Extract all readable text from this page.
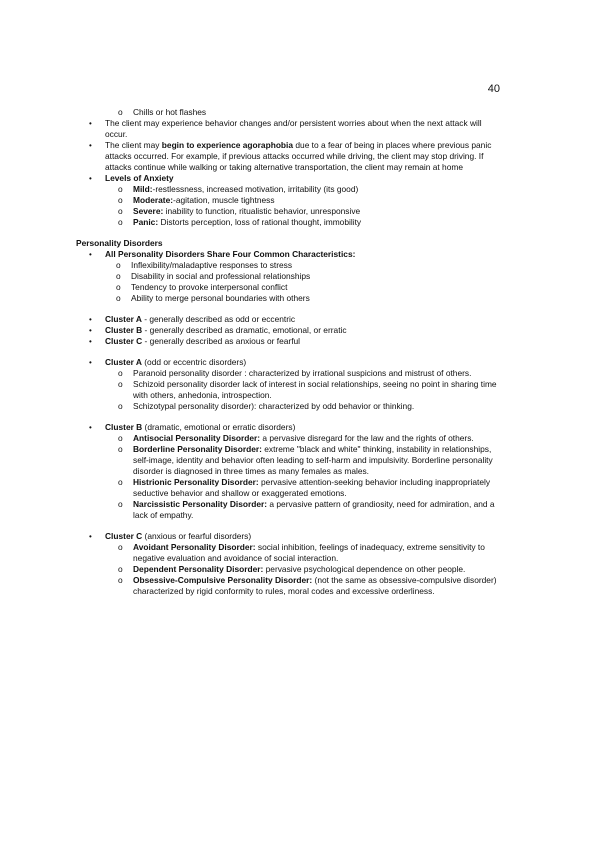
40

o Chills or hot flashes

• The client may experience behavior changes and/or persistent worries about when the next attack will occur.

• The client may begin to experience agoraphobia due to a fear of being in places where previous panic attacks occurred. For example, if previous attacks occurred while driving, the client may stop driving. If attacks continue while walking or taking alternative transportation, the client may remain at home

• Levels of Anxiety

o Mild:-restlessness, increased motivation, irritability (its good)

o Moderate:-agitation, muscle tightness

o Severe: inability to function, ritualistic behavior, unresponsive

o Panic: Distorts perception, loss of rational thought, immobility

Personality Disorders

• All Personality Disorders Share Four Common Characteristics:

o Inflexibility/maladaptive responses to stress

o Disability in social and professional relationships

o Tendency to provoke interpersonal conflict

o Ability to merge personal boundaries with others

• Cluster A - generally described as odd or eccentric

• Cluster B - generally described as dramatic, emotional, or erratic

• Cluster C - generally described as anxious or fearful

• Cluster A (odd or eccentric disorders)

o Paranoid personality disorder : characterized by irrational suspicions and mistrust of others.

o Schizoid personality disorder lack of interest in social relationships, seeing no point in sharing time with others, anhedonia, introspection.

o Schizotypal personality disorder): characterized by odd behavior or thinking.

• Cluster B (dramatic, emotional or erratic disorders)

o Antisocial Personality Disorder: a pervasive disregard for the law and the rights of others.

o Borderline Personality Disorder: extreme "black and white" thinking, instability in relationships, self-image, identity and behavior often leading to self-harm and impulsivity. Borderline personality disorder is diagnosed in three times as many females as males.

o Histrionic Personality Disorder: pervasive attention-seeking behavior including inappropriately seductive behavior and shallow or exaggerated emotions.

o Narcissistic Personality Disorder: a pervasive pattern of grandiosity, need for admiration, and a lack of empathy.

• Cluster C (anxious or fearful disorders)

o Avoidant Personality Disorder: social inhibition, feelings of inadequacy, extreme sensitivity to negative evaluation and avoidance of social interaction.

o Dependent Personality Disorder: pervasive psychological dependence on other people.

o Obsessive-Compulsive Personality Disorder: (not the same as obsessive-compulsive disorder) characterized by rigid conformity to rules, moral codes and excessive orderliness.
